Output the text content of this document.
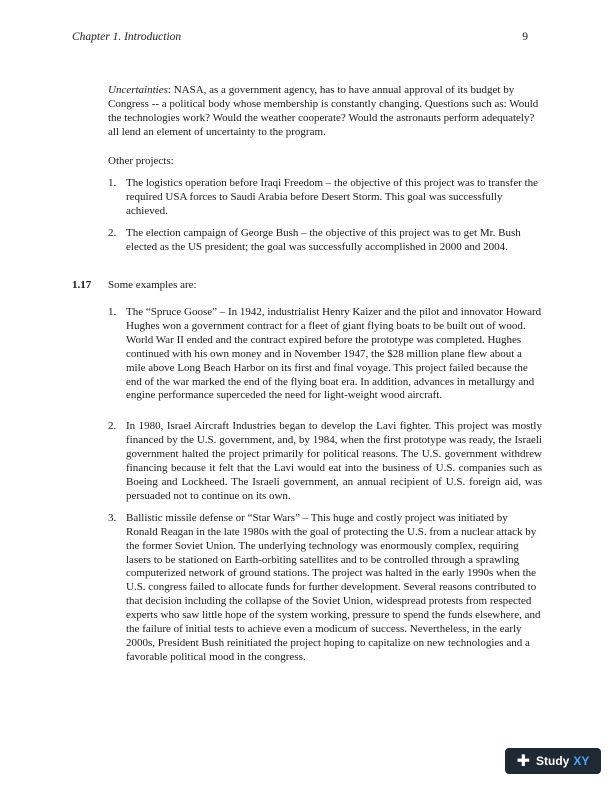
Chapter 1. Introduction	9
Uncertainties: NASA, as a government agency, has to have annual approval of its budget by Congress -- a political body whose membership is constantly changing. Questions such as: Would the technologies work? Would the weather cooperate? Would the astronauts perform adequately? all lend an element of uncertainty to the program.
Other projects:
1. The logistics operation before Iraqi Freedom – the objective of this project was to transfer the required USA forces to Saudi Arabia before Desert Storm. This goal was successfully achieved.
2. The election campaign of George Bush – the objective of this project was to get Mr. Bush elected as the US president; the goal was successfully accomplished in 2000 and 2004.
1.17 Some examples are:
1. The “Spruce Goose” – In 1942, industrialist Henry Kaizer and the pilot and innovator Howard Hughes won a government contract for a fleet of giant flying boats to be built out of wood. World War II ended and the contract expired before the prototype was completed. Hughes continued with his own money and in November 1947, the $28 million plane flew about a mile above Long Beach Harbor on its first and final voyage. This project failed because the end of the war marked the end of the flying boat era. In addition, advances in metallurgy and engine performance superceded the need for light-weight wood aircraft.
2. In 1980, Israel Aircraft Industries began to develop the Lavi fighter. This project was mostly financed by the U.S. government, and, by 1984, when the first prototype was ready, the Israeli government halted the project primarily for political reasons. The U.S. government withdrew financing because it felt that the Lavi would eat into the business of U.S. companies such as Boeing and Lockheed. The Israeli government, an annual recipient of U.S. foreign aid, was persuaded not to continue on its own.
3. Ballistic missile defense or “Star Wars” – This huge and costly project was initiated by Ronald Reagan in the late 1980s with the goal of protecting the U.S. from a nuclear attack by the former Soviet Union. The underlying technology was enormously complex, requiring lasers to be stationed on Earth-orbiting satellites and to be controlled through a sprawling computerized network of ground stations. The project was halted in the early 1990s when the U.S. congress failed to allocate funds for further development. Several reasons contributed to that decision including the collapse of the Soviet Union, widespread protests from respected experts who saw little hope of the system working, pressure to spend the funds elsewhere, and the failure of initial tests to achieve even a modicum of success. Nevertheless, in the early 2000s, President Bush reinitiated the project hoping to capitalize on new technologies and a favorable political mood in the congress.
✚ Study XY
